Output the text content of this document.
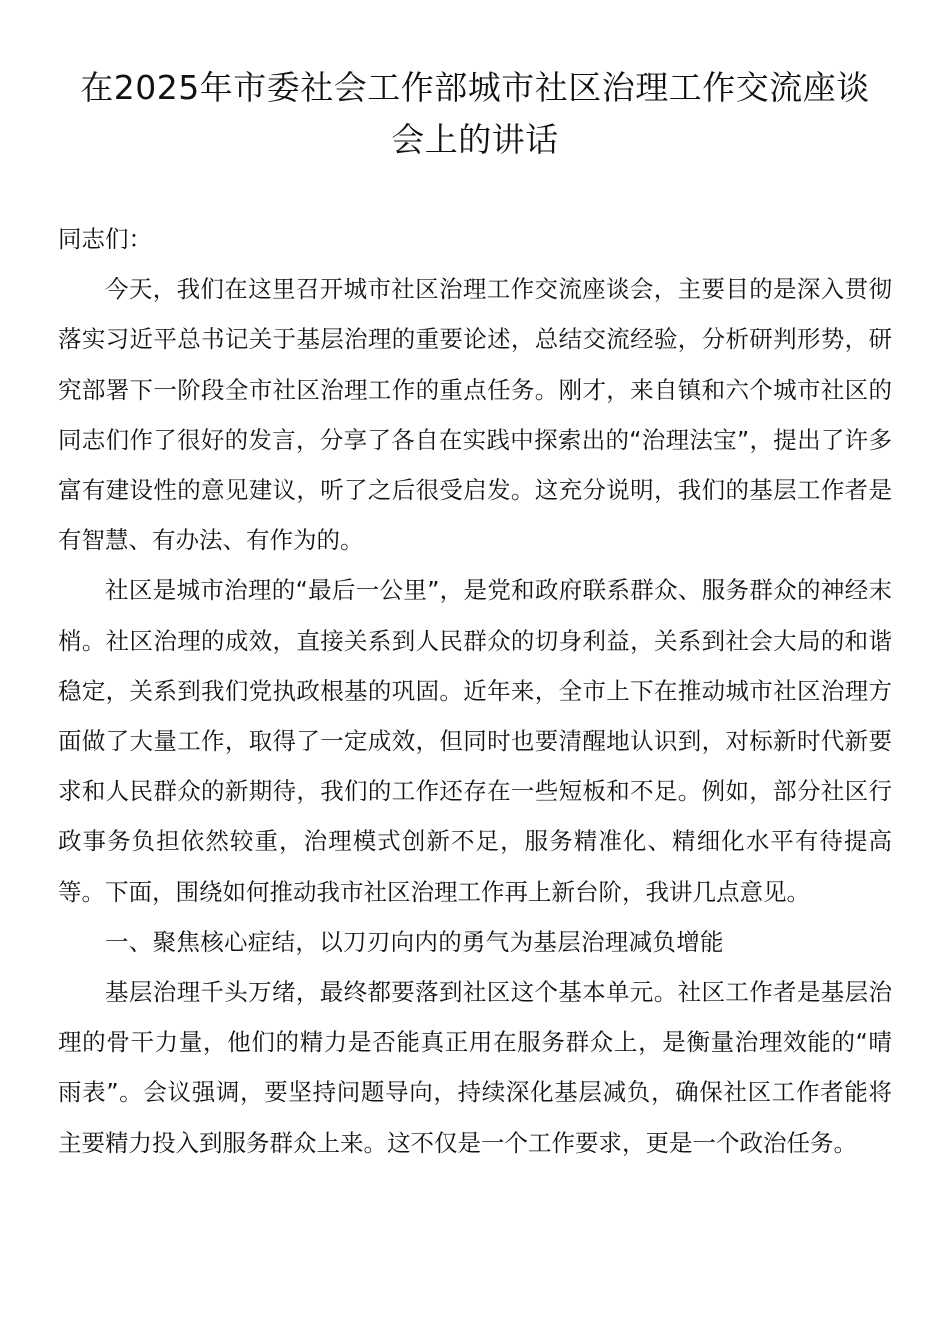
在2025年市委社会工作部城市社区治理工作交流座谈会上的讲话

同志们：

今天，我们在这里召开城市社区治理工作交流座谈会，主要目的是深入贯彻落实习近平总书记关于基层治理的重要论述，总结交流经验，分析研判形势，研究部署下一阶段全市社区治理工作的重点任务。刚才，来自镇和六个城市社区的同志们作了很好的发言，分享了各自在实践中探索出的“治理法宝”，提出了许多富有建设性的意见建议，听了之后很受启发。这充分说明，我们的基层工作者是有智慧、有办法、有作为的。

社区是城市治理的“最后一公里”，是党和政府联系群众、服务群众的神经末梢。社区治理的成效，直接关系到人民群众的切身利益，关系到社会大局的和谐稳定，关系到我们党执政根基的巩固。近年来，全市上下在推动城市社区治理方面做了大量工作，取得了一定成效，但同时也要清醒地认识到，对标新时代新要求和人民群众的新期待，我们的工作还存在一些短板和不足。例如，部分社区行政事务负担依然较重，治理模式创新不足，服务精准化、精细化水平有待提高等。下面，围绕如何推动我市社区治理工作再上新台阶，我讲几点意见。

一、聚焦核心症结，以刀刃向内的勇气为基层治理减负增能

基层治理千头万绪，最终都要落到社区这个基本单元。社区工作者是基层治理的骨干力量，他们的精力是否能真正用在服务群众上，是衡量治理效能的“晴雨表”。会议强调，要坚持问题导向，持续深化基层减负，确保社区工作者能将主要精力投入到服务群众上来。这不仅是一个工作要求，更是一个政治任务。
